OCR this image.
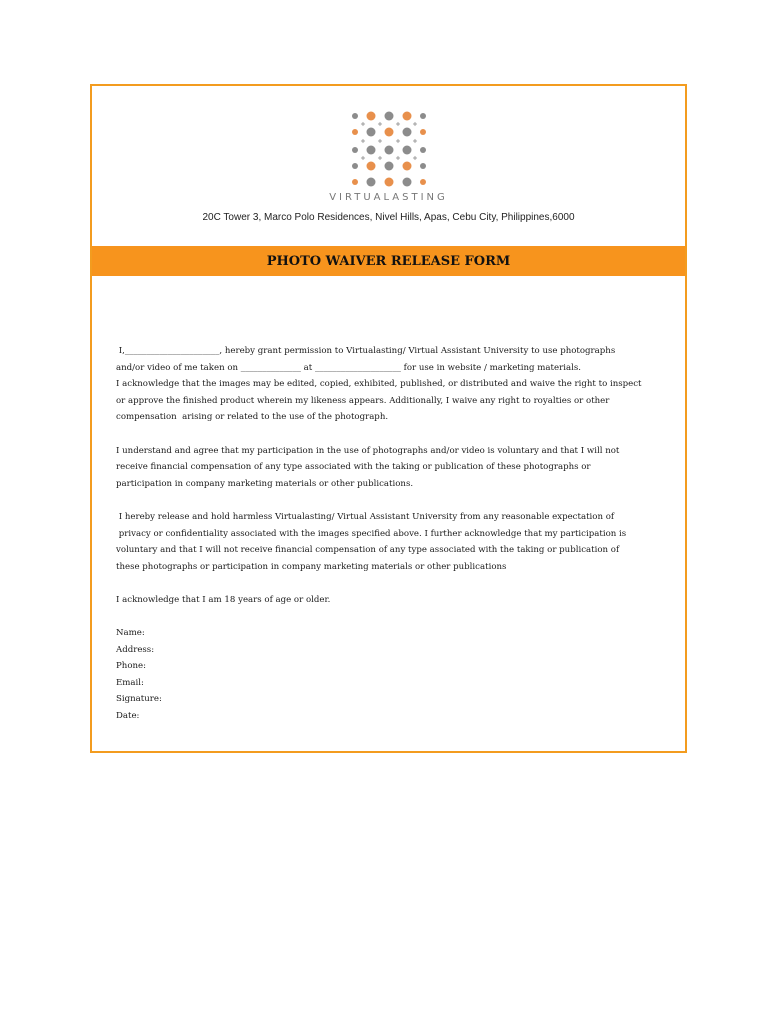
VIRTUALASTING
20C Tower 3, Marco Polo Residences, Nivel Hills, Apas, Cebu City, Philippines,6000
PHOTO WAIVER RELEASE FORM
I,______________________, hereby grant permission to Virtualasting/ Virtual Assistant University to use photographs
and/or video of me taken on ______________ at ____________________ for use in website / marketing materials.
I acknowledge that the images may be edited, copied, exhibited, published, or distributed and waive the right to inspect
or approve the finished product wherein my likeness appears. Additionally, I waive any right to royalties or other
compensation  arising or related to the use of the photograph.
I understand and agree that my participation in the use of photographs and/or video is voluntary and that I will not
receive financial compensation of any type associated with the taking or publication of these photographs or
participation in company marketing materials or other publications.
I hereby release and hold harmless Virtualasting/ Virtual Assistant University from any reasonable expectation of
privacy or confidentiality associated with the images specified above. I further acknowledge that my participation is
voluntary and that I will not receive financial compensation of any type associated with the taking or publication of
these photographs or participation in company marketing materials or other publications
I acknowledge that I am 18 years of age or older.
Name:
Address:
Phone:
Email:
Signature:
Date:
